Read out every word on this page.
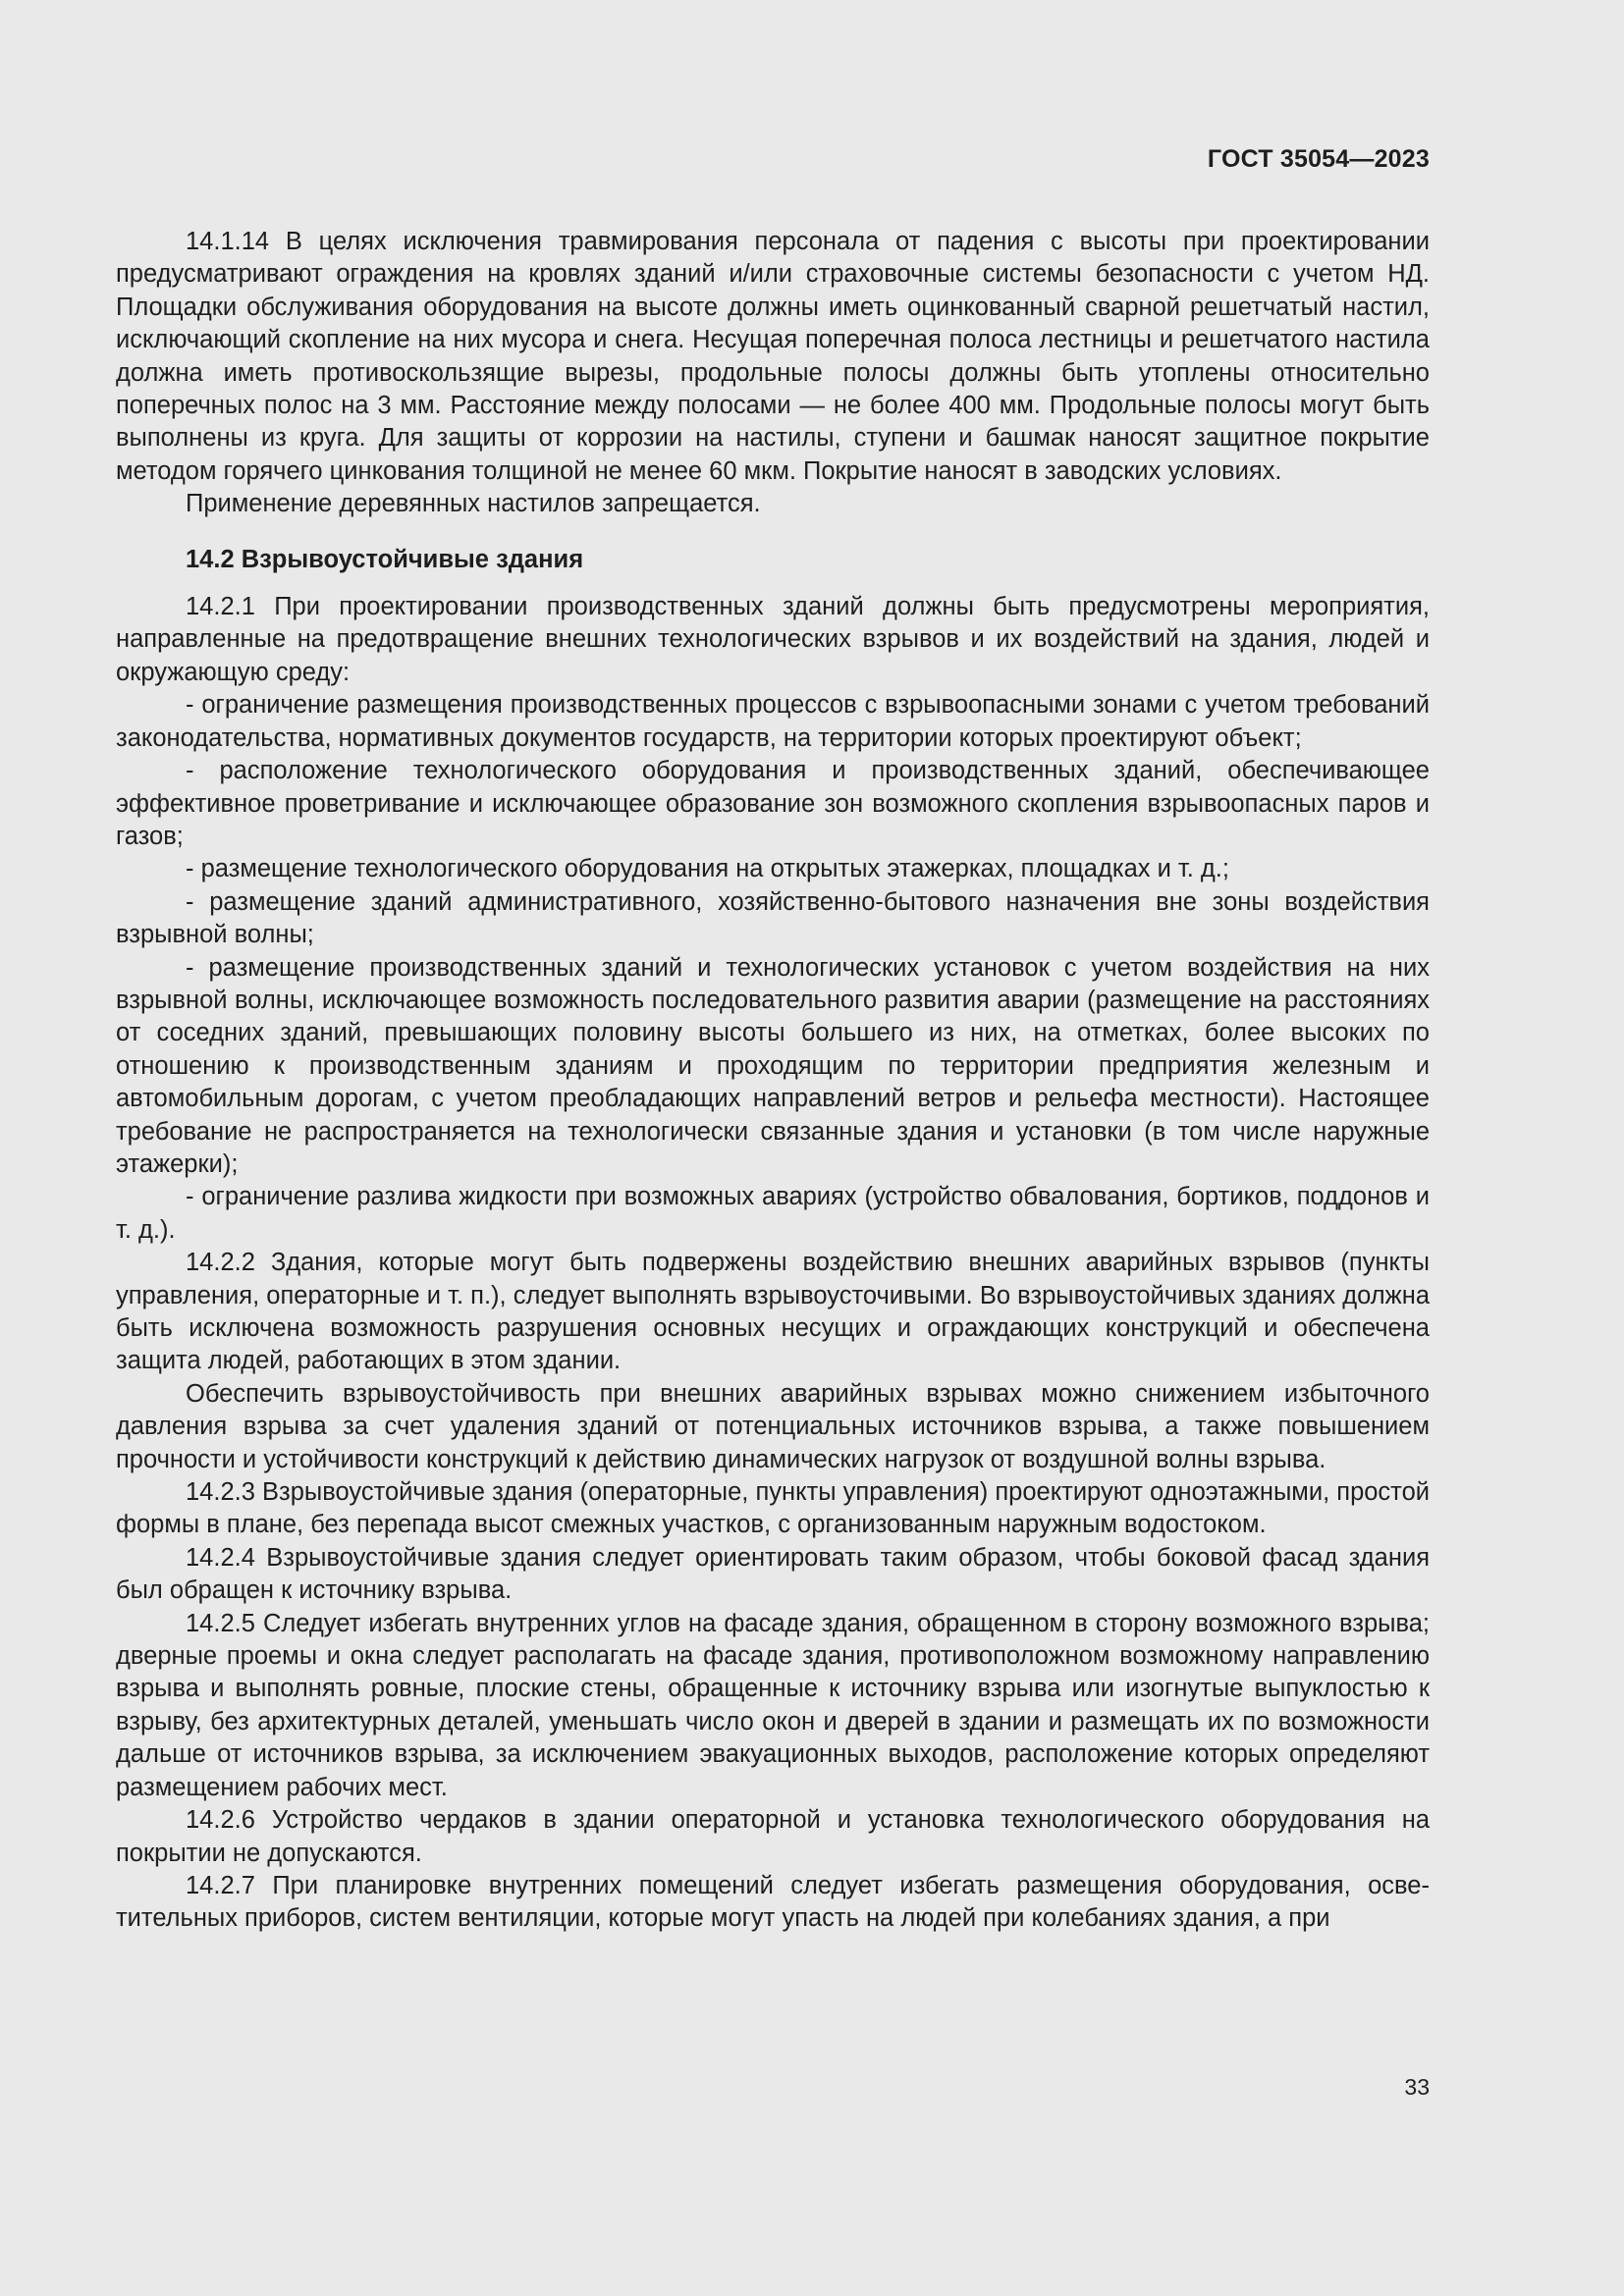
ГОСТ 35054—2023

14.1.14 В целях исключения травмирования персонала от падения с высоты при проектировании предусматривают ограждения на кровлях зданий и/или страховочные системы безопасности с учетом НД. Площадки обслуживания оборудования на высоте должны иметь оцинкованный сварной решетчатый настил, исключающий скопление на них мусора и снега. Несущая поперечная полоса лестницы и решетчатого настила должна иметь противоскользящие вырезы, продольные полосы должны быть утоплены относительно поперечных полос на 3 мм. Расстояние между полосами — не более 400 мм. Продольные полосы могут быть выполнены из круга. Для защиты от коррозии на настилы, ступени и башмак наносят защитное покрытие методом горячего цинкования толщиной не менее 60 мкм. Покрытие наносят в заводских условиях.

Применение деревянных настилов запрещается.

14.2 Взрывоустойчивые здания

14.2.1 При проектировании производственных зданий должны быть предусмотрены мероприятия, направленные на предотвращение внешних технологических взрывов и их воздействий на здания, людей и окружающую среду:

- ограничение размещения производственных процессов с взрывоопасными зонами с учетом требований законодательства, нормативных документов государств, на территории которых проектируют объект;

- расположение технологического оборудования и производственных зданий, обеспечивающее эффективное проветривание и исключающее образование зон возможного скопления взрывоопасных паров и газов;

- размещение технологического оборудования на открытых этажерках, площадках и т. д.;

- размещение зданий административного, хозяйственно-бытового назначения вне зоны воздействия взрывной волны;

- размещение производственных зданий и технологических установок с учетом воздействия на них взрывной волны, исключающее возможность последовательного развития аварии (размещение на расстояниях от соседних зданий, превышающих половину высоты большего из них, на отметках, более высоких по отношению к производственным зданиям и проходящим по территории предприятия железным и автомобильным дорогам, с учетом преобладающих направлений ветров и рельефа местности). Настоящее требование не распространяется на технологически связанные здания и установки (в том числе наружные этажерки);

- ограничение разлива жидкости при возможных авариях (устройство обвалования, бортиков, поддонов и т. д.).

14.2.2 Здания, которые могут быть подвержены воздействию внешних аварийных взрывов (пункты управления, операторные и т. п.), следует выполнять взрывоусточивыми. Во взрывоустойчивых зданиях должна быть исключена возможность разрушения основных несущих и ограждающих конструкций и обеспечена защита людей, работающих в этом здании.

Обеспечить взрывоустойчивость при внешних аварийных взрывах можно снижением избыточного давления взрыва за счет удаления зданий от потенциальных источников взрыва, а также повышением прочности и устойчивости конструкций к действию динамических нагрузок от воздушной волны взрыва.

14.2.3 Взрывоустойчивые здания (операторные, пункты управления) проектируют одноэтажными, простой формы в плане, без перепада высот смежных участков, с организованным наружным водостоком.

14.2.4 Взрывоустойчивые здания следует ориентировать таким образом, чтобы боковой фасад здания был обращен к источнику взрыва.

14.2.5 Следует избегать внутренних углов на фасаде здания, обращенном в сторону возможного взрыва; дверные проемы и окна следует располагать на фасаде здания, противоположном возможному направлению взрыва и выполнять ровные, плоские стены, обращенные к источнику взрыва или изогнутые выпуклостью к взрыву, без архитектурных деталей, уменьшать число окон и дверей в здании и размещать их по возможности дальше от источников взрыва, за исключением эвакуационных выходов, расположение которых определяют размещением рабочих мест.

14.2.6 Устройство чердаков в здании операторной и установка технологического оборудования на покрытии не допускаются.

14.2.7 При планировке внутренних помещений следует избегать размещения оборудования, осветительных приборов, систем вентиляции, которые могут упасть на людей при колебаниях здания, а при

33
